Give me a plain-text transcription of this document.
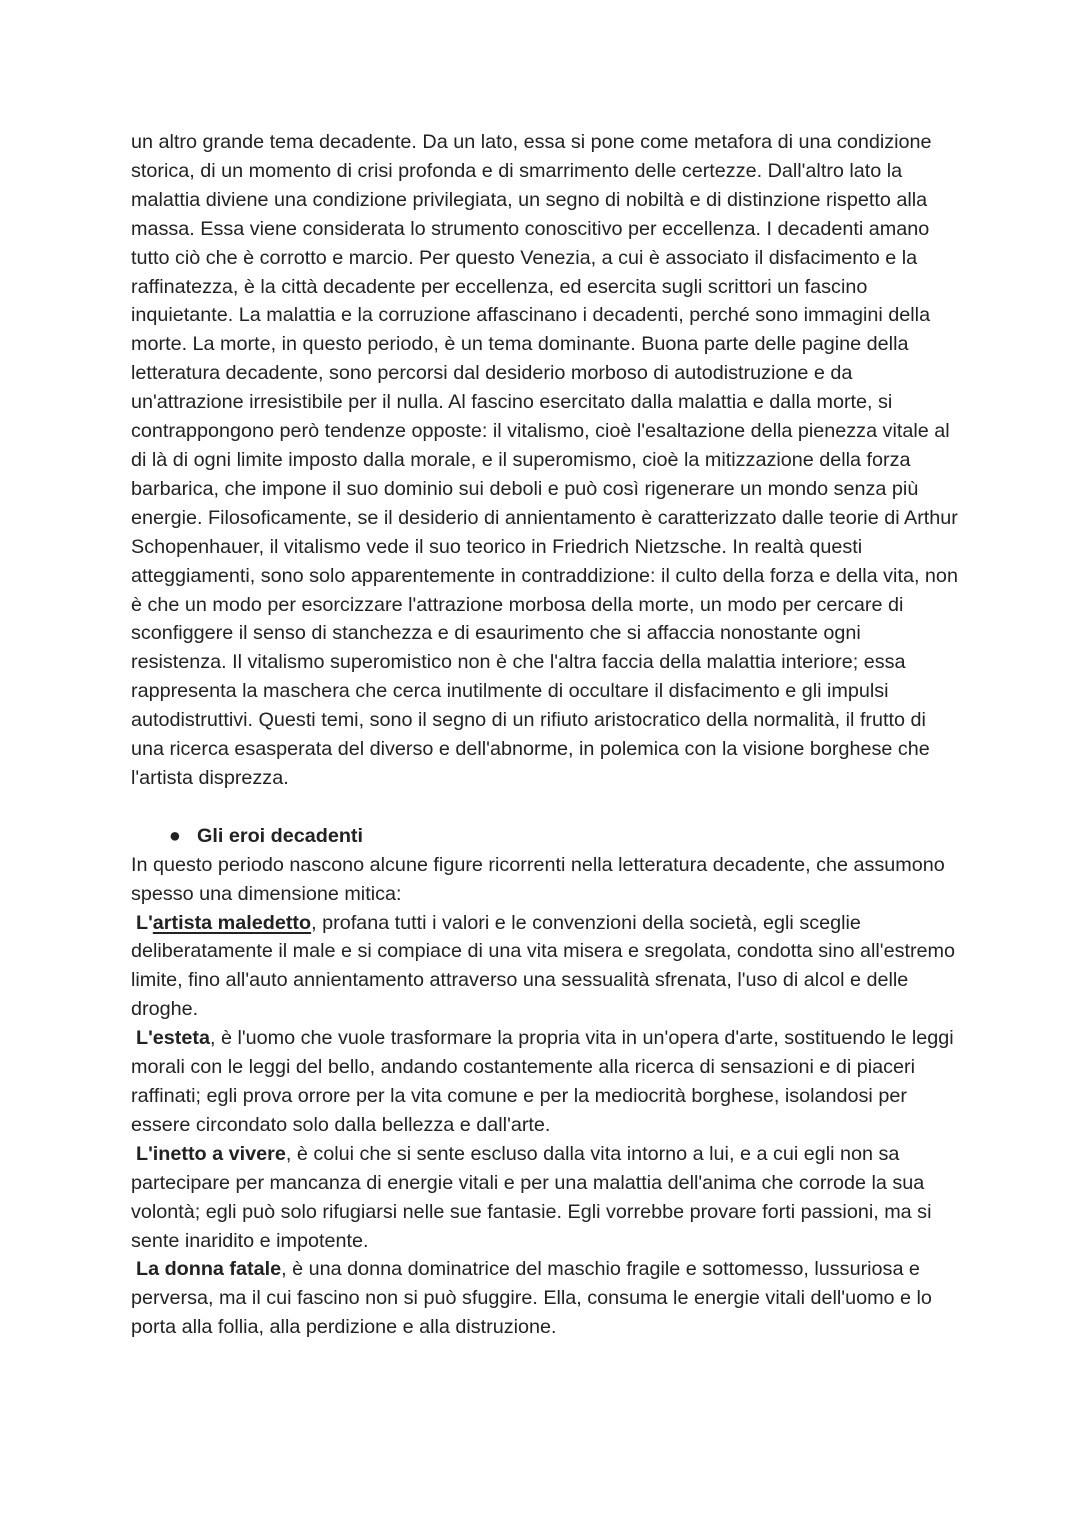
un altro grande tema decadente. Da un lato, essa si pone come metafora di una condizione storica, di un momento di crisi profonda e di smarrimento delle certezze. Dall'altro lato la malattia diviene una condizione privilegiata, un segno di nobiltà e di distinzione rispetto alla massa. Essa viene considerata lo strumento conoscitivo per eccellenza. I decadenti amano tutto ciò che è corrotto e marcio. Per questo Venezia, a cui è associato il disfacimento e la raffinatezza, è la città decadente per eccellenza, ed esercita sugli scrittori un fascino inquietante. La malattia e la corruzione affascinano i decadenti, perché sono immagini della morte. La morte, in questo periodo, è un tema dominante. Buona parte delle pagine della letteratura decadente, sono percorsi dal desiderio morboso di autodistruzione e da un'attrazione irresistibile per il nulla. Al fascino esercitato dalla malattia e dalla morte, si contrappongono però tendenze opposte: il vitalismo, cioè l'esaltazione della pienezza vitale al di là di ogni limite imposto dalla morale, e il superomismo, cioè la mitizzazione della forza barbarica, che impone il suo dominio sui deboli e può così rigenerare un mondo senza più energie. Filosoficamente, se il desiderio di annientamento è caratterizzato dalle teorie di Arthur Schopenhauer, il vitalismo vede il suo teorico in Friedrich Nietzsche. In realtà questi atteggiamenti, sono solo apparentemente in contraddizione: il culto della forza e della vita, non è che un modo per esorcizzare l'attrazione morbosa della morte, un modo per cercare di sconfiggere il senso di stanchezza e di esaurimento che si affaccia nonostante ogni resistenza. Il vitalismo superomistico non è che l'altra faccia della malattia interiore; essa rappresenta la maschera che cerca inutilmente di occultare il disfacimento e gli impulsi autodistruttivi. Questi temi, sono il segno di un rifiuto aristocratico della normalità, il frutto di una ricerca esasperata del diverso e dell'abnorme, in polemica con la visione borghese che l'artista disprezza.

● Gli eroi decadenti

In questo periodo nascono alcune figure ricorrenti nella letteratura decadente, che assumono spesso una dimensione mitica:

L'artista maledetto, profana tutti i valori e le convenzioni della società, egli sceglie deliberatamente il male e si compiace di una vita misera e sregolata, condotta sino all'estremo limite, fino all'auto annientamento attraverso una sessualità sfrenata, l'uso di alcol e delle droghe.

L'esteta, è l'uomo che vuole trasformare la propria vita in un'opera d'arte, sostituendo le leggi morali con le leggi del bello, andando costantemente alla ricerca di sensazioni e di piaceri raffinati; egli prova orrore per la vita comune e per la mediocrità borghese, isolandosi per essere circondato solo dalla bellezza e dall'arte.

L'inetto a vivere, è colui che si sente escluso dalla vita intorno a lui, e a cui egli non sa partecipare per mancanza di energie vitali e per una malattia dell'anima che corrode la sua volontà; egli può solo rifugiarsi nelle sue fantasie. Egli vorrebbe provare forti passioni, ma si sente inaridito e impotente.

La donna fatale, è una donna dominatrice del maschio fragile e sottomesso, lussuriosa e perversa, ma il cui fascino non si può sfuggire. Ella, consuma le energie vitali dell'uomo e lo porta alla follia, alla perdizione e alla distruzione.
